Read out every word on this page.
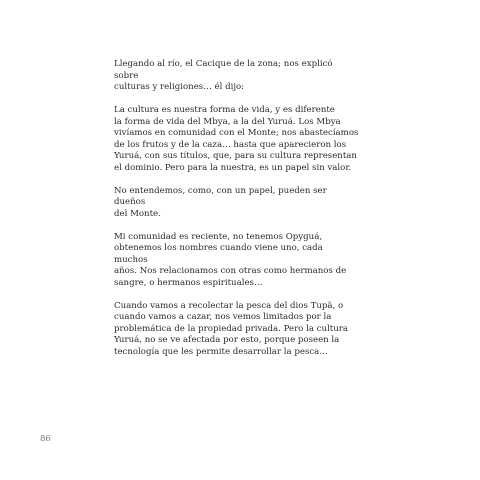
Llegando al río, el Cacique de la zona; nos explicó sobre
culturas y religiones… él dijo:

La cultura es nuestra forma de vida, y es diferente
la forma de vida del Mbya, a la del Yuruá. Los Mbya
vivíamos en comunidad con el Monte; nos abastecíamos
de los frutos y de la caza… hasta que aparecieron los
Yuruá, con sus títulos, que, para su cultura representan
el dominio. Pero para la nuestra, es un papel sin valor.

No entendemos, como, con un papel, pueden ser dueños
del Monte.

Mi comunidad es reciente, no tenemos Opyguá,
obtenemos los nombres cuando viene uno, cada muchos
años. Nos relacionamos con otras como hermanos de
sangre, o hermanos espirituales…

Cuando vamos a recolectar la pesca del dios Tupã, o
cuando vamos a cazar, nos vemos limitados por la
problemática de la propiedad privada. Pero la cultura
Yuruá, no se ve afectada por esto, porque poseen la
tecnología que les permite desarrollar la pesca…

86
